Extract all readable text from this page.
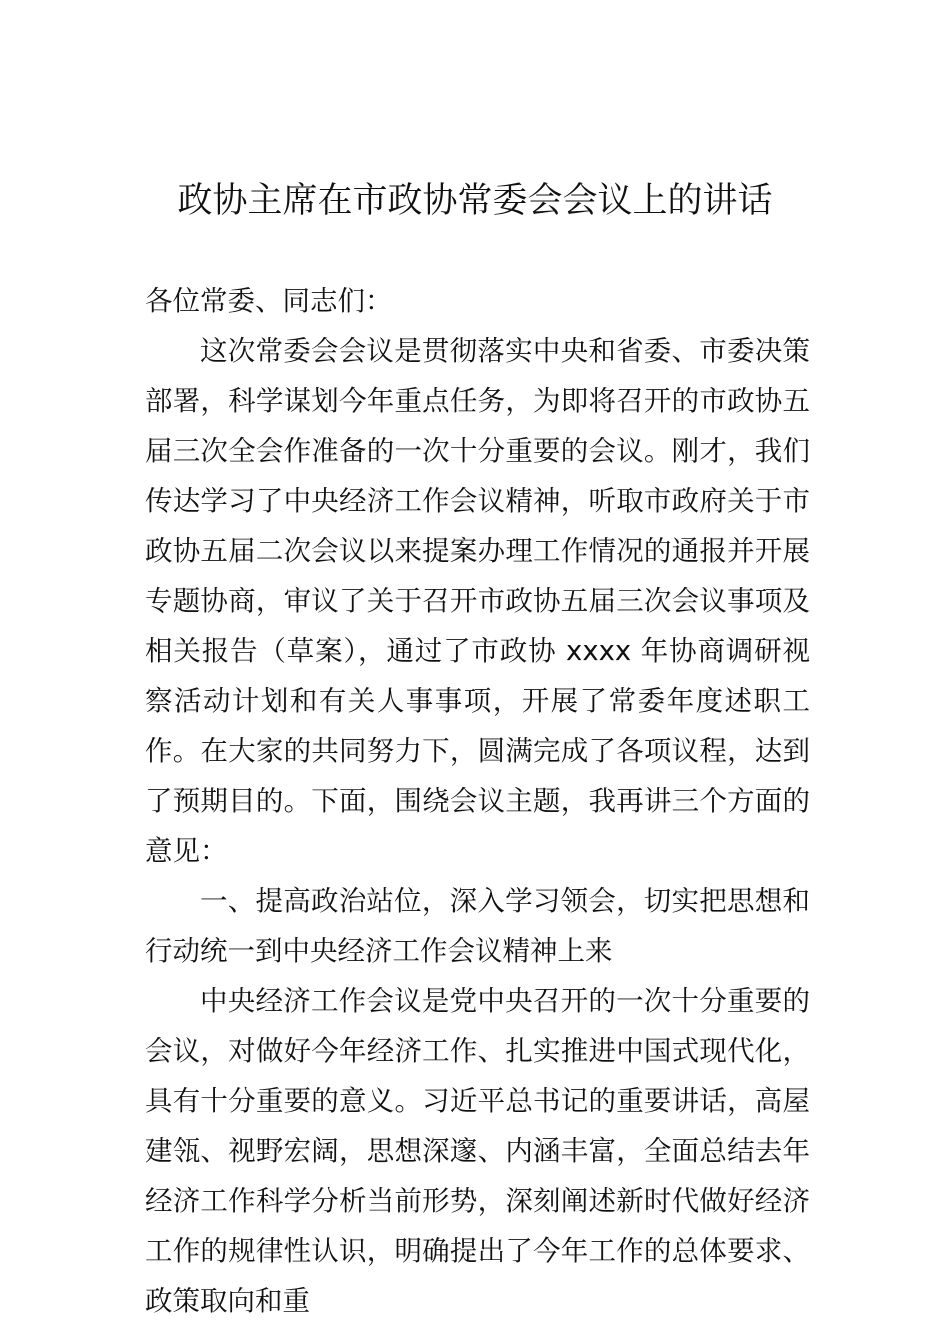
政协主席在市政协常委会会议上的讲话

各位常委、同志们：

这次常委会会议是贯彻落实中央和省委、市委决策部署，科学谋划今年重点任务，为即将召开的市政协五届三次全会作准备的一次十分重要的会议。刚才，我们传达学习了中央经济工作会议精神，听取市政府关于市政协五届二次会议以来提案办理工作情况的通报并开展专题协商，审议了关于召开市政协五届三次会议事项及相关报告（草案），通过了市政协 xxxx 年协商调研视察活动计划和有关人事事项，开展了常委年度述职工作。在大家的共同努力下，圆满完成了各项议程，达到了预期目的。下面，围绕会议主题，我再讲三个方面的意见：

一、提高政治站位，深入学习领会，切实把思想和行动统一到中央经济工作会议精神上来

中央经济工作会议是党中央召开的一次十分重要的会议，对做好今年经济工作、扎实推进中国式现代化，具有十分重要的意义。习近平总书记的重要讲话，高屋建瓴、视野宏阔，思想深邃、内涵丰富，全面总结去年经济工作科学分析当前形势，深刻阐述新时代做好经济工作的规律性认识，明确提出了今年工作的总体要求、政策取向和重
